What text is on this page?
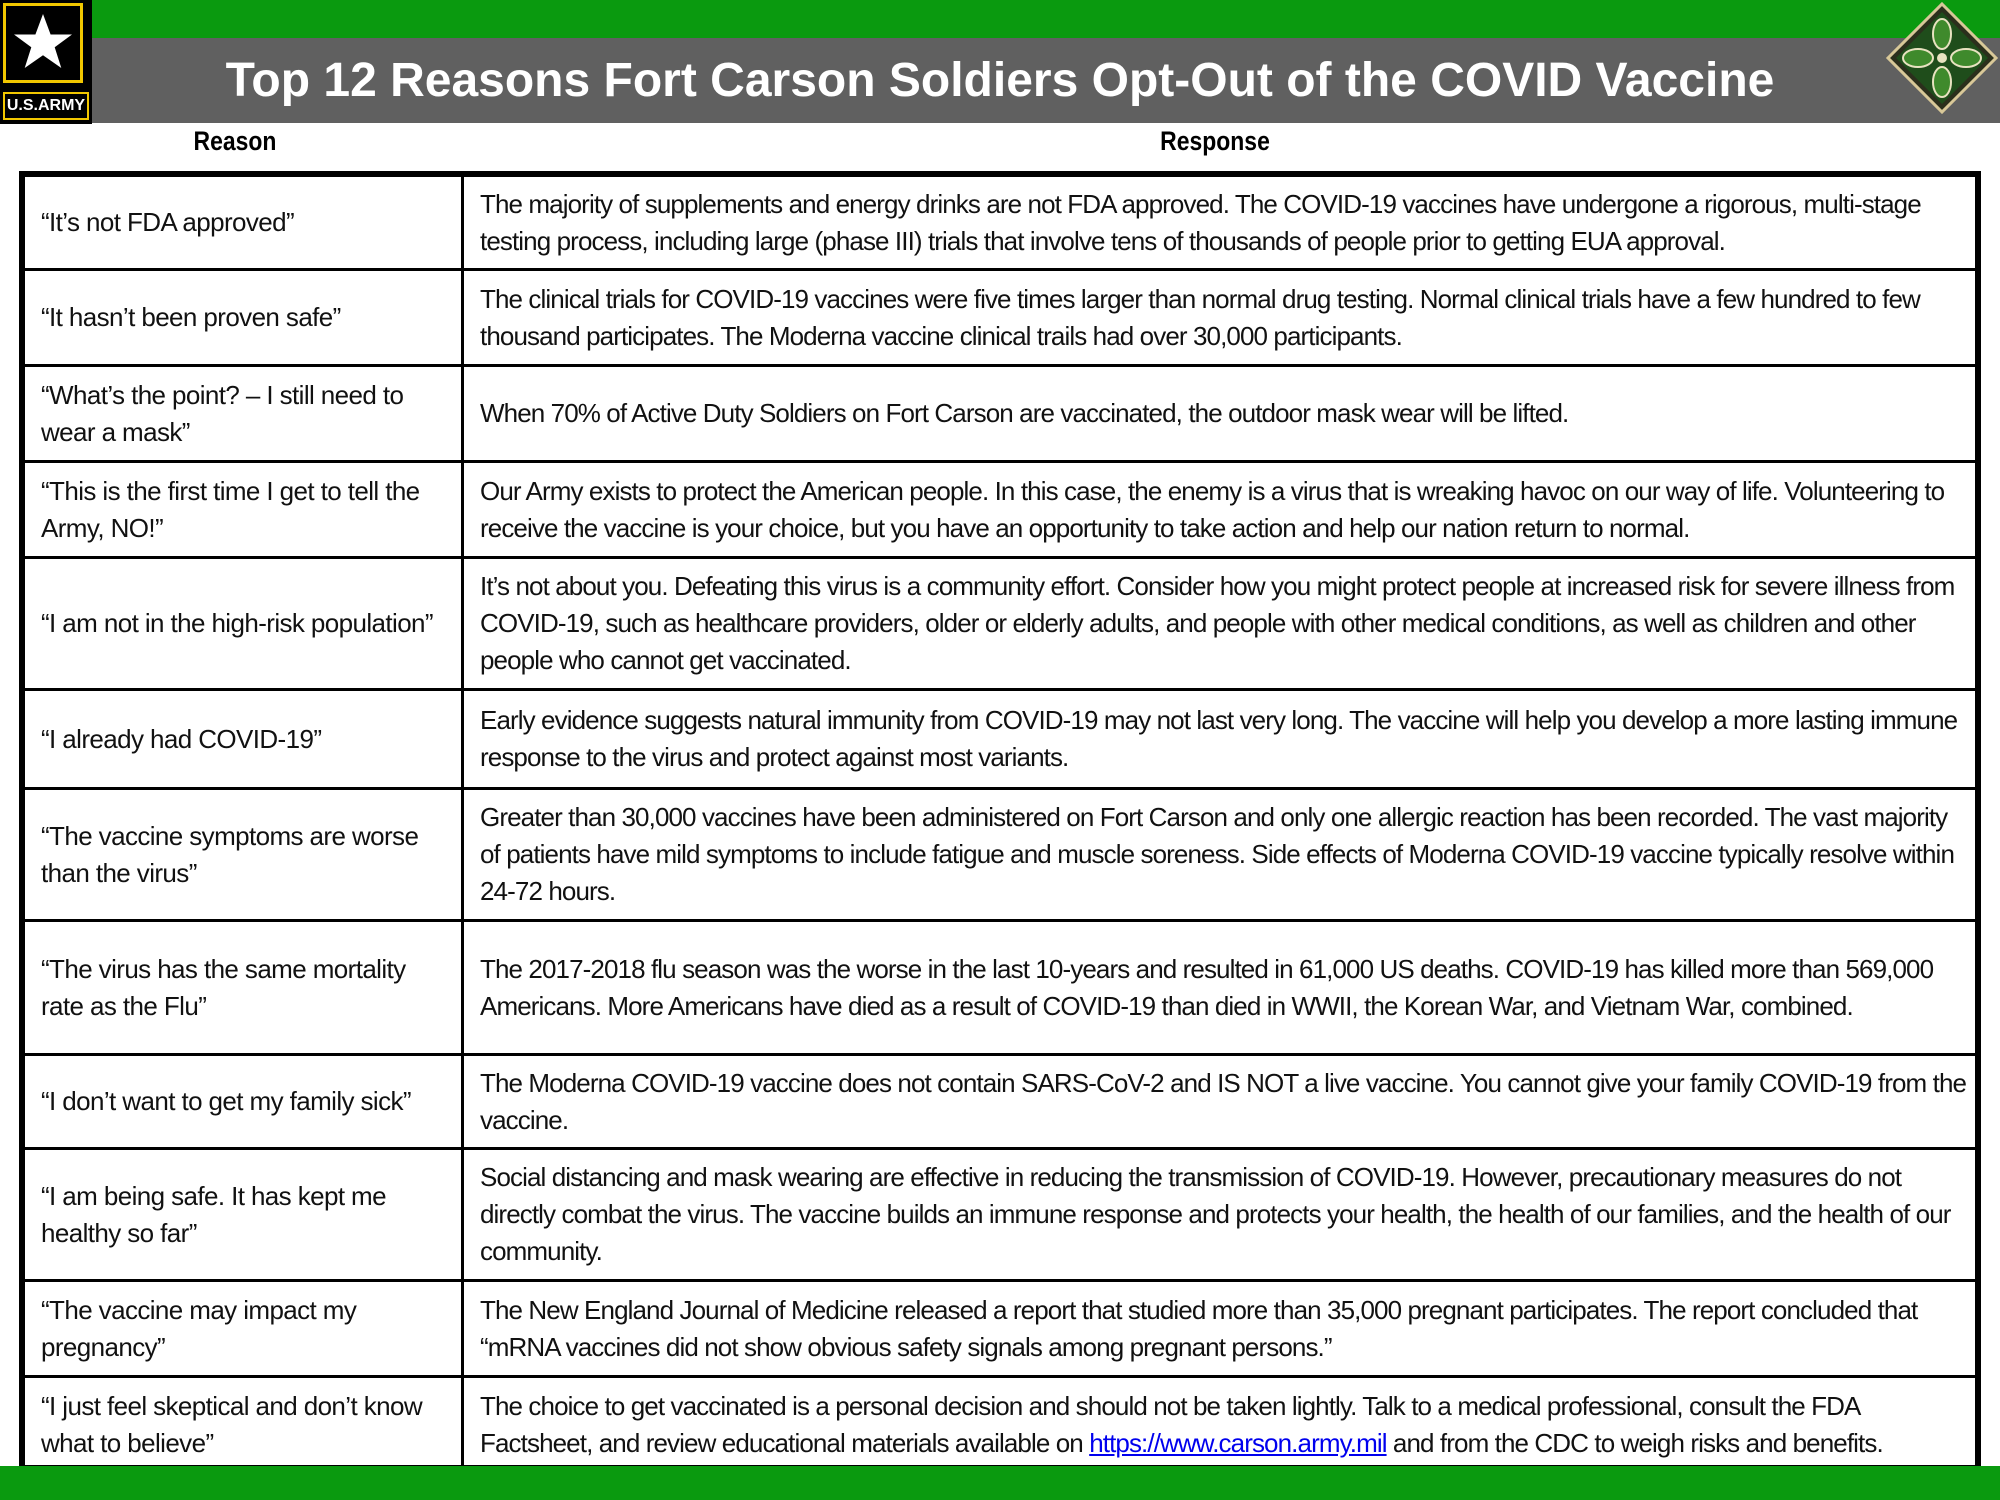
Top 12 Reasons Fort Carson Soldiers Opt-Out of the COVID Vaccine
U.S.ARMY
Reason	Response
“It’s not FDA approved”	The majority of supplements and energy drinks are not FDA approved. The COVID-19 vaccines have undergone a rigorous, multi-stage testing process, including large (phase III) trials that involve tens of thousands of people prior to getting EUA approval.

“It hasn’t been proven safe”	The clinical trials for COVID-19 vaccines were five times larger than normal drug testing. Normal clinical trials have a few hundred to few thousand participates. The Moderna vaccine clinical trails had over 30,000 participants.

“What’s the point? – I still need to wear a mask”	When 70% of Active Duty Soldiers on Fort Carson are vaccinated, the outdoor mask wear will be lifted.

“This is the first time I get to tell the Army, NO!”	Our Army exists to protect the American people. In this case, the enemy is a virus that is wreaking havoc on our way of life. Volunteering to receive the vaccine is your choice, but you have an opportunity to take action and help our nation return to normal.

“I am not in the high-risk population”	It’s not about you. Defeating this virus is a community effort. Consider how you might protect people at increased risk for severe illness from COVID-19, such as healthcare providers, older or elderly adults, and people with other medical conditions, as well as children and other people who cannot get vaccinated.

“I already had COVID-19”	Early evidence suggests natural immunity from COVID-19 may not last very long. The vaccine will help you develop a more lasting immune response to the virus and protect against most variants.

“The vaccine symptoms are worse than the virus”	Greater than 30,000 vaccines have been administered on Fort Carson and only one allergic reaction has been recorded. The vast majority of patients have mild symptoms to include fatigue and muscle soreness. Side effects of Moderna COVID-19 vaccine typically resolve within 24-72 hours.

“The virus has the same mortality rate as the Flu”	The 2017-2018 flu season was the worse in the last 10-years and resulted in 61,000 US deaths. COVID-19 has killed more than 569,000 Americans. More Americans have died as a result of COVID-19 than died in WWII, the Korean War, and Vietnam War, combined.

“I don’t want to get my family sick”	The Moderna COVID-19 vaccine does not contain SARS-CoV-2 and IS NOT a live vaccine. You cannot give your family COVID-19 from the vaccine.

“I am being safe. It has kept me healthy so far”	Social distancing and mask wearing are effective in reducing the transmission of COVID-19. However, precautionary measures do not directly combat the virus. The vaccine builds an immune response and protects your health, the health of our families, and the health of our community.

“The vaccine may impact my pregnancy”	The New England Journal of Medicine released a report that studied more than 35,000 pregnant participates. The report concluded that “mRNA vaccines did not show obvious safety signals among pregnant persons.”

“I just feel skeptical and don’t know what to believe”	The choice to get vaccinated is a personal decision and should not be taken lightly. Talk to a medical professional, consult the FDA Factsheet, and review educational materials available on https://www.carson.army.mil and from the CDC to weigh risks and benefits.
